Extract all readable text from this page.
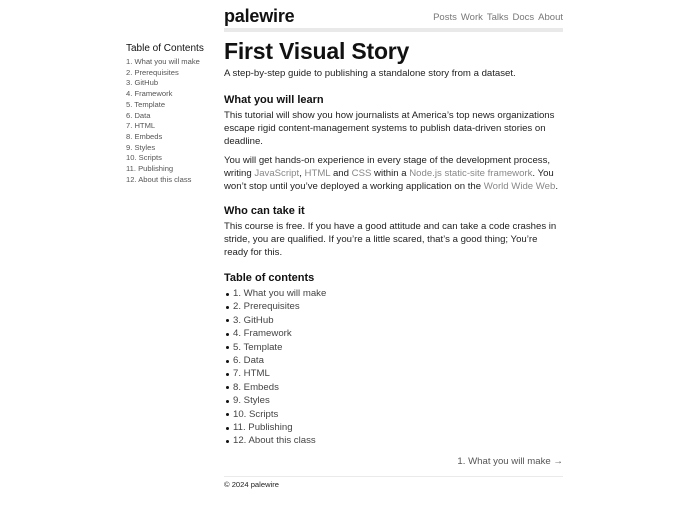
palewire	Posts Work Talks Docs About
Table of Contents
1. What you will make
2. Prerequisites
3. GitHub
4. Framework
5. Template
6. Data
7. HTML
8. Embeds
9. Styles
10. Scripts
11. Publishing
12. About this class
First Visual Story

A step-by-step guide to publishing a standalone story from a dataset.

What you will learn

This tutorial will show you how journalists at America’s top news organizations escape rigid content-management systems to publish data-driven stories on deadline.

You will get hands-on experience in every stage of the development process, writing JavaScript, HTML and CSS within a Node.js static-site framework. You won’t stop until you’ve deployed a working application on the World Wide Web.

Who can take it

This course is free. If you have a good attitude and can take a code crashes in stride, you are qualified. If you’re a little scared, that’s a good thing; You’re ready for this.

Table of contents
1. What you will make
2. Prerequisites
3. GitHub
4. Framework
5. Template
6. Data
7. HTML
8. Embeds
9. Styles
10. Scripts
11. Publishing
12. About this class
1. What you will make →
© 2024 palewire
